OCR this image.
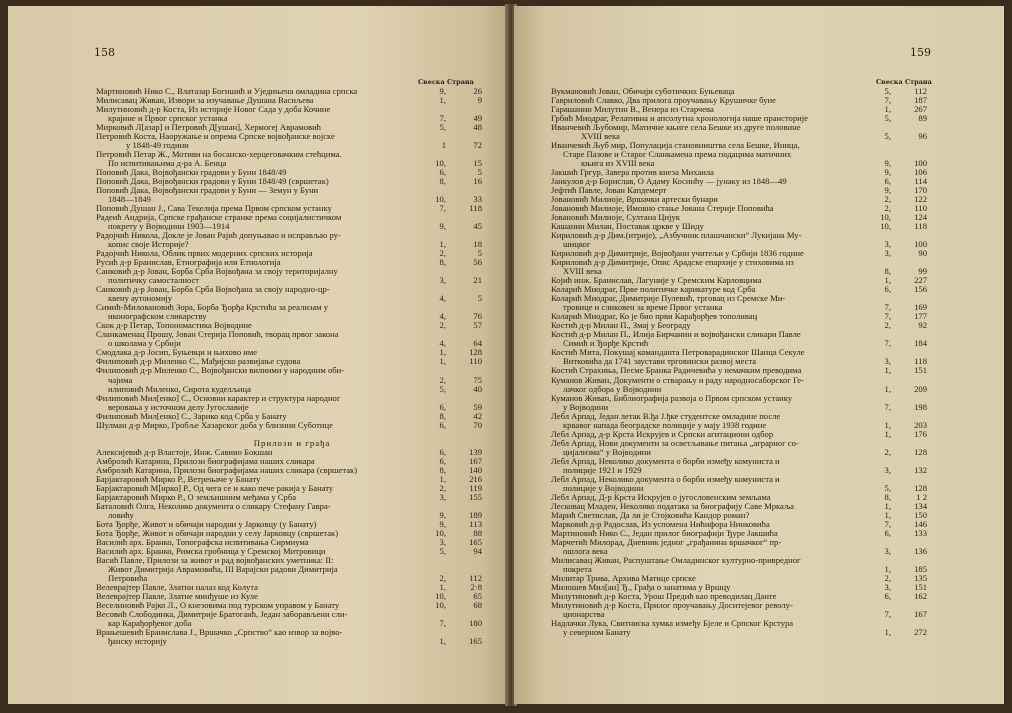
158
Свеска Страна
Мартиновић Нико С., Влатазар Богишић и Уједињена омладина српска	9,	26
Милисавац Живан, Извори за изучавање Душана Васиљева	1,	9
Милутиновић д-р Коста, Из историје Новог Сада у доба Кочине
крајине и Првог српског устанка	7,	49
Мирковић Л[азар] и Петровић Д[ушан], Хермогеј Аврамовић	5,	48
Петровић Коста, Наоружање и опрема Српске војвођанске војске
у 1848-49 години	1	72
Петровић Петар Ж., Мотиви на босанско-херцеговачким стећцима.
По испитивањима д-ра А. Бенца	10,	15
Поповић Дака, Војвођански градови у Буни 1848/49	6,	5
Поповић Дака, Војвођански градови у Буни 1848/49 (свршетак)	8,	16
Поповић Дака, Војвођански градови у Буни — Земун у Буни
1848—1849	10,	33
Поповић Душан J., Сава Текелија према Првом српском устанку	7,	118
Радеић Андрија, Српске грађанске странке према социјалистичком
покрету у Војводини 1903—1914	9,	45
Радојчић Никола, Докле је Јован Рајић допуњавао и исправљао ру-
копис своје Историје?	1,	18
Радојчић Никола, Облик првих модерних српских историја	2,	5
Русић д-р Бранислав, Етнографија или Етнологија	8,	56
Санковић д-р Јован, Борба Срба Војвођана за своју територијалну
политичку самосталност	3,	21
Санковић д-р Јован, Борба Срба Војвођана за своју народно-цр-
квену аутономију	4,	5
Симић-Миловановић Зора, Борба Ђорђа Крстића за реализам у
иконографском сликарству	4,	76
Скок д-р Петар, Топономастика Војводине	2,	57
Сланкаменац Прошу, Јован Стерија Поповић, творац првог закона
о школама у Србији	4,	64
Смодлака д-р Јосип, Буњевци и њихово име	1,	128
Филиповић д-р Миленко С., Мађијско развијање судова	1,	110
Филиповић д-р Миленко С., Војвођански вилиими у народним оби-
чајима	2,	75
илиповић Миленко, Сирота куделљица	5,	40
Филиповић Мил[енко] С., Основни карактер и структура народног
веровања у источном делу Југославије	6,	59
Филиповић Мил[енко] С., Зарико код Срба у Банату	8,	42
Шулман д-р Мирко, Гробље Хазарског доба у близини Суботице	6,	70
Прилози и грађа
Алексијевић д-р Властоје, Инж. Савиио Бокшан	6,	139
Амброзић Катарина, Прилози биографијама наших сликара	6,	167
Амброзић Катарина, Прилози биографијама наших сликара (свршетак)	8,	140
Барјактаровић Мирко Р., Ветрењаче у Банату	1,	216
Барјактаровић М[ирко] Р., Од чега се и како пече ракија у Банату	2,	119
Барјактаровић Мирко Р., О земљишним међама у Срба	3,	155
Баталовић Олга, Неколико документа о сликару Стефану Гавра-
ловићу	9,	189
Бота Ђорђе, Живот и обичаји народни у Јарковцу (у Банату)	9,	113
Бота Ђорђе, Живот и обичаји народни у селу Јарковцу (свршетак)	10,	88
Василић арх. Бранко, Топографска испитивања Сирмиума	3,	165
Василић арх. Бранко, Римска гробница у Сремској Митровици	5,	94
Васић Павле, Прилози за живот и рад војвођанских уметника: II:
Живот Димитрија Аврамовића, III Варајски радови Димитрија
Петровића	2,	112
Велеврајтер Павле, Златни налаз код Колута	1,	2·8
Велеврајтер Павле, Златне минђуше из Куле	10,	65
Веселиновић Рајко Л., О кнезовима под турском управом у Банату	10,	68
Весовић Слободинка, Димитрије Братогаић, Један заборављени сли-
кар Карађорђевог доба	7,	180
Врањешевић Бранислава Ј., Вршачко „Српство“ као извор за војво-
ђанску историју	1,	165
159
Свеска Страна
Вукмановић Јован, Обичаји суботичких Буњеваца	5,	112
Гавриловић Славко, Два прилога проучавању Крушичке буне	7,	187
Гарашанин Милутин В., Венера из Старчева	1,	267
Грбић Миодраг, Релативна и апсолутна хронологија наше праисторије	5,	89
Иванчевић Љубомир, Матичне књиге села Бешке из друге половине
XVIII века	5,	96
Иванчевић Љуб мир, Популација становништва села Бешке, Иница,
Старе Пазове и Старог Сланкамена према подацима матичних
књига из XVIII века	9,	100
Јакшић Гргур, Завера против кнеза Михаила	9,	106
Јанкулов д-р Борислав, О Адаму Косинћу — јунаку из 1848—49	6,	114
Јефтић Павле, Јован Капдемерт	9,	170
Јовановић Милиоје, Вршачки артески бунари	2,	122
Јовановић Милиоје, Имовно стање Јована Стерије Поповића	2,	110
Јовановић Милиоје, Султана Цијук	10,	124
Кашанин Милан, Поставак цркве у Шиду	10,	118
Кириловић д-р Дим.(итрије), „Азбучник плашчански“ Лукијана Му-
шицког	3,	100
Кириловић д-р Димитрије, Војвођани учитељи у Србији 1836 године	3,	90
Кириловић д-р Димитрије, Опис Арадске епархије у стиховима из
XVIII века	8,	99
Којић инж. Бранислав, Лагуније у Сремским Карловцима	1,	227
Коларић Миодраг, Прве политичке карикатуре код Срба	6,	156
Коларић Миодраг, Димитрије Пулевић, трговац из Сремске Ми-
тровице и сликовен за време Првог устанка	7,	169
Коларић Миодраг, Ко је био први Карађорђев тополивац	7,	177
Костић д-р Милан П., Змај у Београду	2,	92
Костић д-р Милан П., Илија Бирчанин и војвођански сликари Павле
Симић и Ђорђе Крстић	7,	184
Костић Мита, Покушај команданта Петроварадинског Шанца Секуле
Витковића да 1741 заустави трговински развој места	3,	118
Костић Страхиња, Песме Бранка Радичевића у немачким преводима	1,	151
Куманов Живан, Документи о стварању и раду народносаборског Ге-
лачког одбора у Војводини	1,	209
Куманов Живан, Библиографија развоја о Првом српском устанку
у Војводини	7,	198
Лебл Арпад, Један летак В.ђа Ј.ђке студентске омладине после
крвавог напада београдске полиције у мају 1938 године	1,	203
Лебл Арпад, д-р Крста Искрујев и Српски агитациони одбор	1,	176
Лебл Арпад, Нови документи за осветљавање питања „аграрног со-
цијализма“ у Војводини	2,	128
Лебл Арпад, Неколико документа о борби између комуниста и
полиције 1921 и 1929	3,	132
Лебл Арпад, Неколико документа о борби између комуниста и
полиције у Војводини	5,	128
Лебл Арпад, Д-р Крста Искрујев о југословенским земљама	8,	1 2
Лесковац Младен, Неколико података за биографију Саве Мркаља	1,	134
Марић Светислав, Да ли је Стојковића Кандор роман?	1,	150
Марковић д-р Радослав, Из успомена Нићифора Нинковића	7,	146
Мартиновић Нико С., Један прилог биографији Ђуре Јакшића	6,	133
Марчетић Милорад, Дневник једног „грађанина вршачког“ пр-
ошлога века	3,	136
Милисавац Живан, Распуштање Омладинског културно-привредног
покрета	1,	185
Милитар Трива, Архива Матице српске	2,	135
Милошев Мил[ан] Ђ., Грађа о занатима у Вршцу	3,	151
Милутиновић д-р Коста, Урош Предић као преводилац Данте	6,	162
Милутиновић д-р Коста, Прилог проучавању Доситејевог револу-
ционарства	7,	167
Надлачки Лука, Свитниска хумка између Бјеле и Српског Крстура
у северном Банату	1,	272
